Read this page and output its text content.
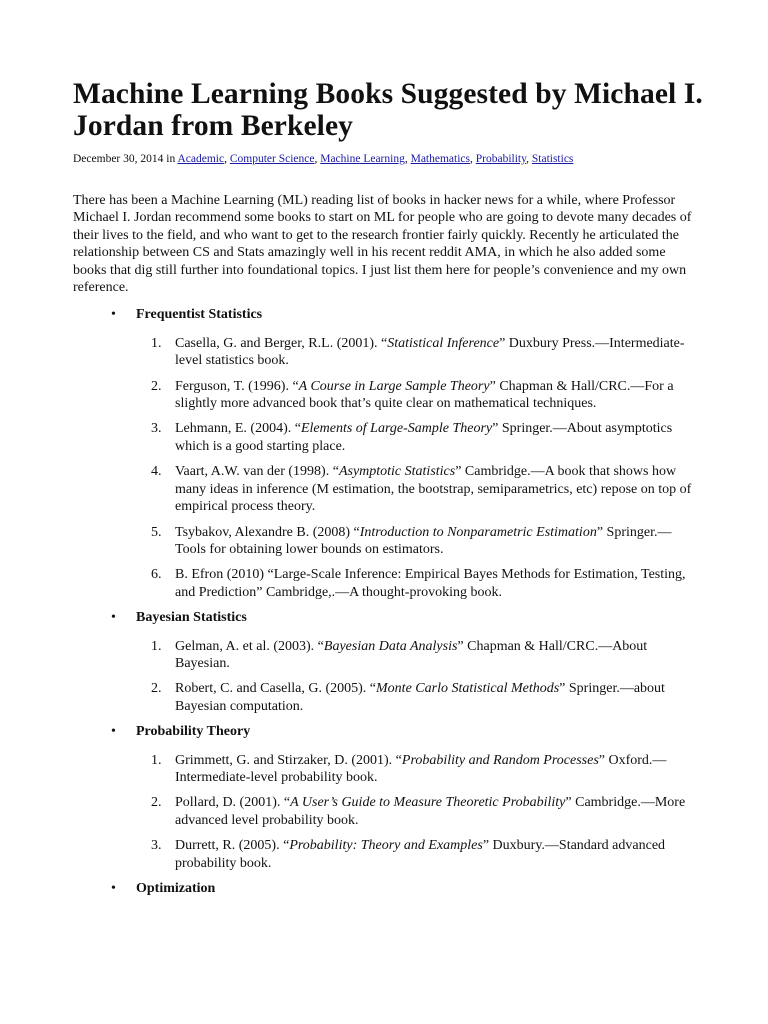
Machine Learning Books Suggested by Michael I. Jordan from Berkeley
December 30, 2014 in Academic, Computer Science, Machine Learning, Mathematics, Probability, Statistics

There has been a Machine Learning (ML) reading list of books in hacker news for a while, where Professor Michael I. Jordan recommend some books to start on ML for people who are going to devote many decades of their lives to the field, and who want to get to the research frontier fairly quickly. Recently he articulated the relationship between CS and Stats amazingly well in his recent reddit AMA, in which he also added some books that dig still further into foundational topics. I just list them here for people’s convenience and my own reference.

• Frequentist Statistics
1. Casella, G. and Berger, R.L. (2001). “Statistical Inference” Duxbury Press.—Intermediate-level statistics book.
2. Ferguson, T. (1996). “A Course in Large Sample Theory” Chapman & Hall/CRC.—For a slightly more advanced book that’s quite clear on mathematical techniques.
3. Lehmann, E. (2004). “Elements of Large-Sample Theory” Springer.—About asymptotics which is a good starting place.
4. Vaart, A.W. van der (1998). “Asymptotic Statistics” Cambridge.—A book that shows how many ideas in inference (M estimation, the bootstrap, semiparametrics, etc) repose on top of empirical process theory.
5. Tsybakov, Alexandre B. (2008) “Introduction to Nonparametric Estimation” Springer.—Tools for obtaining lower bounds on estimators.
6. B. Efron (2010) “Large-Scale Inference: Empirical Bayes Methods for Estimation, Testing, and Prediction” Cambridge,.—A thought-provoking book.
• Bayesian Statistics
1. Gelman, A. et al. (2003). “Bayesian Data Analysis” Chapman & Hall/CRC.—About Bayesian.
2. Robert, C. and Casella, G. (2005). “Monte Carlo Statistical Methods” Springer.—about Bayesian computation.
• Probability Theory
1. Grimmett, G. and Stirzaker, D. (2001). “Probability and Random Processes” Oxford.—Intermediate-level probability book.
2. Pollard, D. (2001). “A User’s Guide to Measure Theoretic Probability” Cambridge.—More advanced level probability book.
3. Durrett, R. (2005). “Probability: Theory and Examples” Duxbury.—Standard advanced probability book.
• Optimization
